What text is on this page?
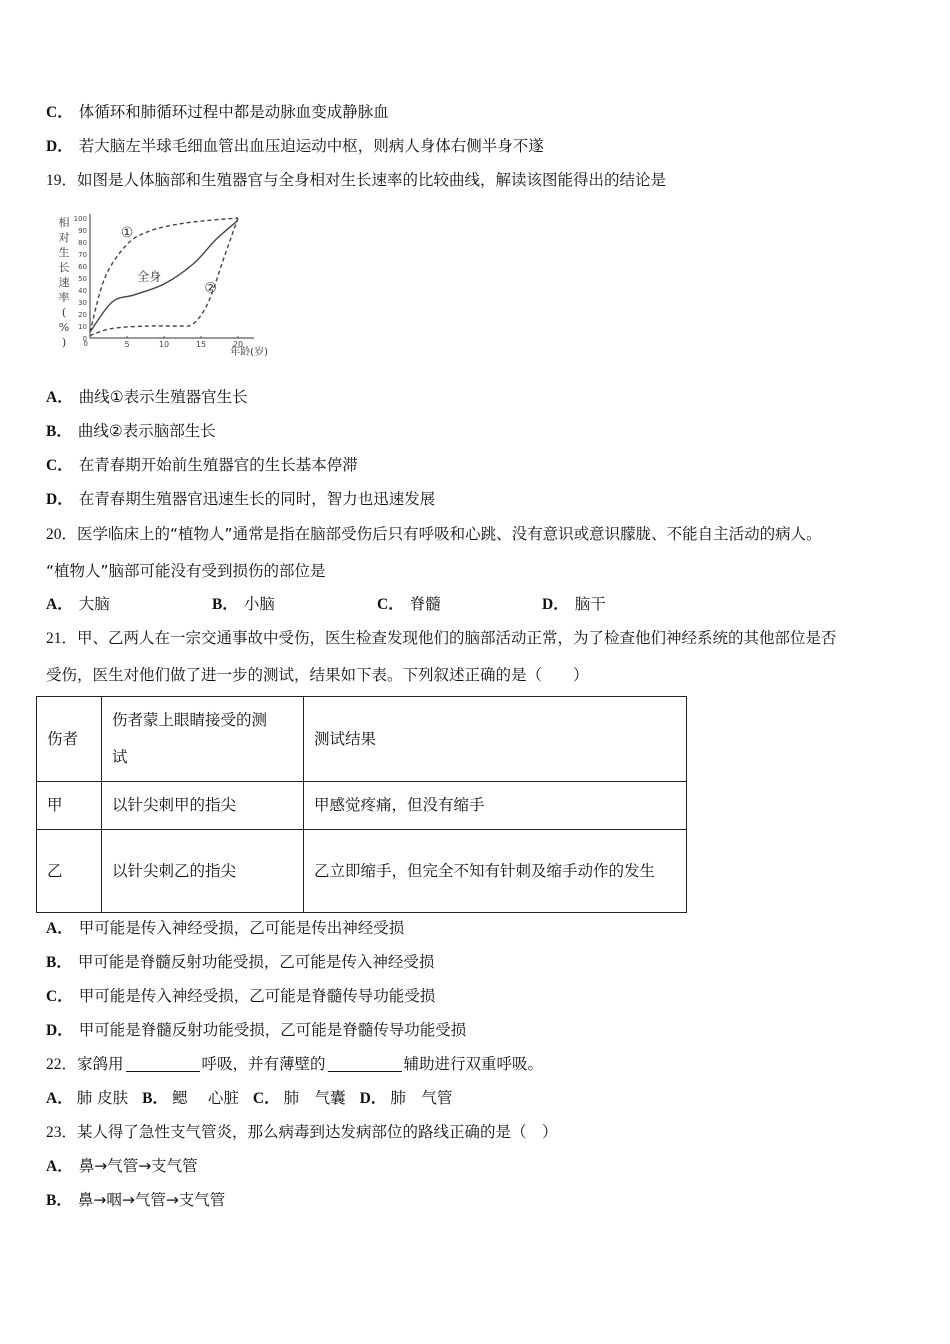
C． 体循环和肺循环过程中都是动脉血变成静脉血
D． 若大脑左半球毛细血管出血压迫运动中枢，则病人身体右侧半身不遂
19．如图是人体脑部和生殖器官与全身相对生长速率的比较曲线，解读该图能得出的结论是
相
对
生
长
速
率
(
%
) 0
10
20
30
40
50
60
70
80
90
100
0	5	10	15	20
年龄(岁)
①
全身
②
A． 曲线①表示生殖器官生长
B． 曲线②表示脑部生长
C． 在青春期开始前生殖器官的生长基本停滞
D． 在青春期生殖器官迅速生长的同时，智力也迅速发展
20．医学临床上的“植物人”通常是指在脑部受伤后只有呼吸和心跳、没有意识或意识朦胧、不能自主活动的病人。
“植物人”脑部可能没有受到损伤的部位是
A． 大脑	B． 小脑	C． 脊髓	D． 脑干
21．甲、乙两人在一宗交通事故中受伤，医生检查发现他们的脑部活动正常，为了检查他们神经系统的其他部位是否
受伤，医生对他们做了进一步的测试，结果如下表。下列叙述正确的是（　　）
伤者	伤者蒙上眼睛接受的测试	测试结果
甲	以针尖刺甲的指尖	甲感觉疼痛，但没有缩手
乙	以针尖刺乙的指尖	乙立即缩手，但完全不知有针刺及缩手动作的发生
A． 甲可能是传入神经受损，乙可能是传出神经受损
B． 甲可能是脊髓反射功能受损，乙可能是传入神经受损
C． 甲可能是传入神经受损，乙可能是脊髓传导功能受损
D． 甲可能是脊髓反射功能受损，乙可能是脊髓传导功能受损
22．家鸽用	呼吸，并有薄壁的	辅助进行双重呼吸。
A． 肺 皮肤 B． 鳃　 心脏 C． 肺　气囊 D． 肺　气管
23．某人得了急性支气管炎，那么病毒到达发病部位的路线正确的是（　）
A． 鼻→气管→支气管
B． 鼻→咽→气管→支气管
